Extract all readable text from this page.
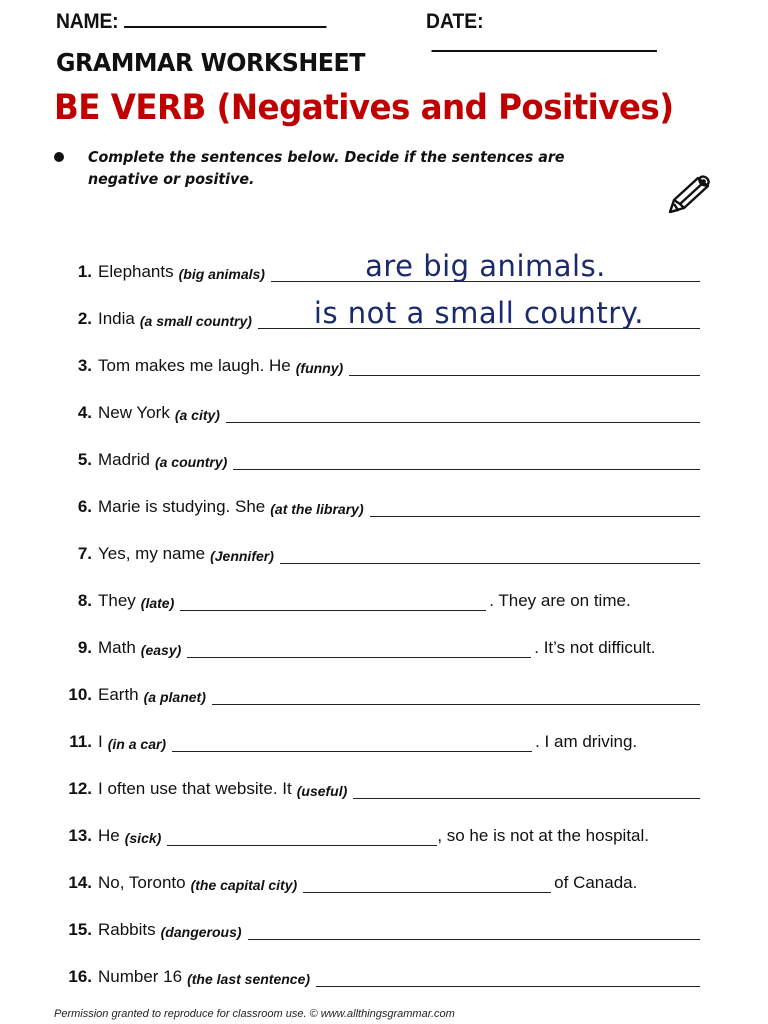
NAME:	DATE:
GRAMMAR WORKSHEET
BE VERB (Negatives and Positives)
Complete the sentences below. Decide if the sentences are negative or positive.
1. Elephants (big animals)	are big animals.
2. India (a small country)	is not a small country.
3. Tom makes me laugh. He (funny)
4. New York (a city)
5. Madrid (a country)
6. Marie is studying. She (at the library)
7. Yes, my name (Jennifer)
8. They (late)	. They are on time.
9. Math (easy)	. It’s not difficult.
10. Earth (a planet)
11. I (in a car)	. I am driving.
12. I often use that website. It (useful)
13. He (sick)	, so he is not at the hospital.
14. No, Toronto (the capital city)	of Canada.
15. Rabbits (dangerous)
16. Number 16 (the last sentence)
Permission granted to reproduce for classroom use. © www.allthingsgrammar.com
